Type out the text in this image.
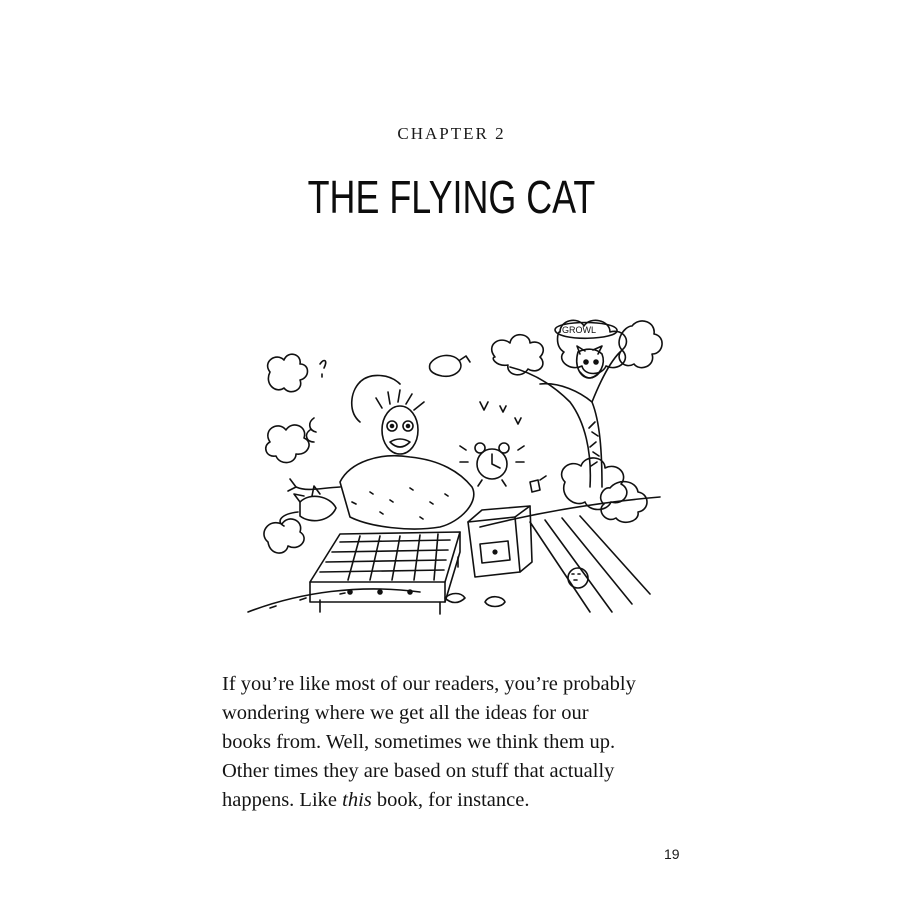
CHAPTER 2
THE FLYING CAT
GROWL
If you’re like most of our readers, you’re probably
wondering where we get all the ideas for our
books from. Well, sometimes we think them up.
Other times they are based on stuff that actually
happens. Like this book, for instance.
19
